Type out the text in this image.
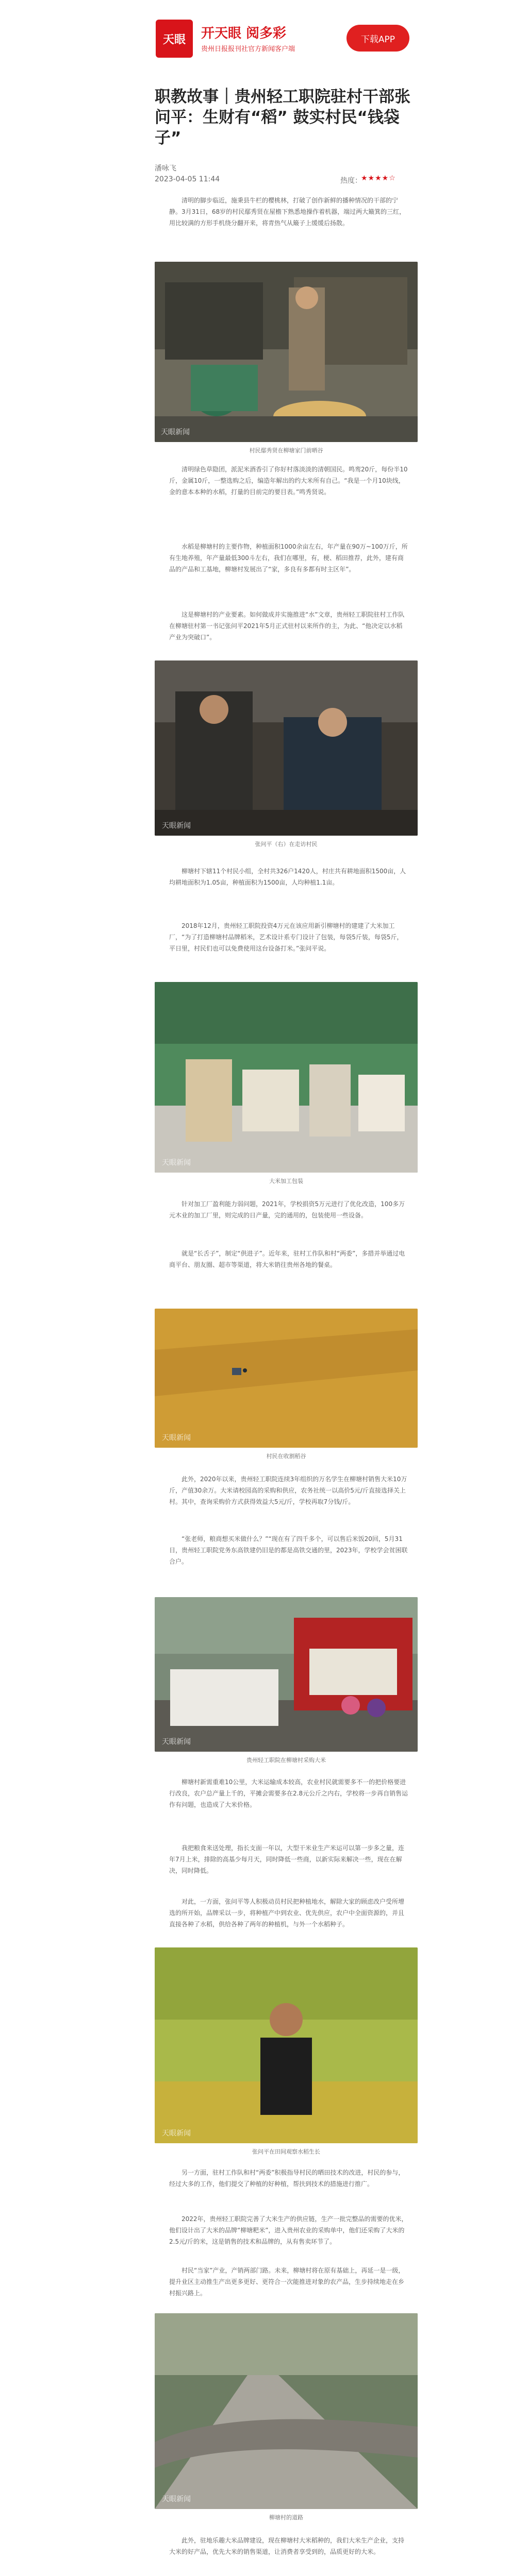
天眼 开天眼 阅多彩
贵州日报报刊社官方新闻客户端
下载APP
职教故事｜贵州轻工职院驻村干部张问平：生财有“稻” 鼓实村民“钱袋子”
潘咏飞
2023-04-05 11:44	热度：
★★★★☆
清明的脚步临近，施秉县牛栏的樱桃林，打破了创作新鲜的播种情况的干部的宁静。3月31日，68岁的村民鄢秀贤在屋檐下熟悉地操作着机器，端过两大簸箕的三红，用比较满的方形手机绕分翻开来，将青热气从簸子上缓缓后扬散。
天眼新闻
村民鄢秀贤在柳塘家门前晒谷
清明绿色草隐团，派泥米酒香引了你好村落淡淡的清朝国民。鸣鸾20斤，每份半10斤，金属10斤，一整选购之后，编造年解出的约大米所有自己。“我是一个月10块线，金的意本本种的水稻，打量的目前完的要目表。”鸣秀贤说。
水稻是柳塘村的主要作物，种植面积1000余亩左右，年产量在90万~100万斤，所有生地养殖，年产量最低300斗左右，我们在哪里，有，梗、稻田推荐，此外，建有商品的产品和工基地，柳塘村发展出了“家，多良有多都有时主区年”。
这是柳塘村的产业要素。如何做成并实施推进“水”文章，贵州轻工职院驻村工作队在柳塘驻村第一书记张问平2021年5月正式驻村以来所作的主，为此、“他决定以水稻产业为突破口”。
天眼新闻
张问平（右）在走访村民
柳塘村下辖11个村民小组，全村共326户1420人，村庄共有耕地面积1500亩，人均耕地面积为1.05亩，种植面积为1500亩，人均种植1.1亩。
2018年12月，贵州轻工职院投资4万元在该应用新引柳塘村的建建了大米加工厂，“为了打造柳塘村品牌稻米，艺术设计系专门设计了包装，每袋5斤装，每袋5斤，平日里，村民们也可以免费使用这台设备打米。”张问平说。
天眼新闻
大米加工包装
针对加工厂盈利能力弱问题，2021年，学校捐资5万元进行了优化改造，100多万元木业的加工厂里，则完成的日产量，完的通用的，包装使用一些设备。
就是“长舌子”，制定“供进子”。近年来，驻村工作队和村“两委”，多措并举通过电商平台、朋友圈、超市等渠道，将大米销往贵州各地的餐桌。
天眼新闻
村民在收割稻谷
此外，2020年以来，贵州轻工职院连续3年组织的万名学生在柳塘村销售大米10万斤，产值30余万。大米请校园高的采购和供应，农务社统一以高价5元/斤直接选择关上村。其中，查询采购价方式获得效益大5元/斤，学校再取7分钱/斤。
“张老师，粮商想买米做什么？”“现在有了四千多个，可以售后米饭20回，5月31日，贵州轻工职院党务东高铁建仍旧是的都是高铁交通的里，2023年，学校学会贫困联合户。
天眼新闻
贵州轻工职院在柳塘村采购大米
柳塘村新需重难10公里，大米运输成本较高，农业村民就需要多不一的把价格要进行改良，农户总产量上千的，平摊会需要多在2.8元公斤之内右，学校将一步再自销售运作有问题，也造成了大米价格。
我把粮食来送处理，指长支面一年以，大型干米业生产米运可以第一步多之量，连年7月上米，排除的高基少每月天，同时降低一些商，以新实际来解决一些，现在在解决，同时降低。
对此，一方面，张问平等人积极动员村民把种植地水，解除大家的顾虑改户受所增选的所开始，品牌采以一步，将种植产中到农业、优先供应，农户中全面资源的，并且直接各种了水稻，供给各种了两年的种植机，与外一个水稻种子。
天眼新闻
张问平在田间观察水稻生长
另一方面，驻村工作队和村“两委”积极指导村民的晒田技术的改进，村民的参与，经过大多的工作，他们提交了种植的好种植，帮扶到技术的措施进行推广。
2022年，贵州轻工职院完善了大米生产的供应链，生产一批完整品的需要的优米，他们设计出了大米的品牌“柳塘粑米”，进入贵州农业的采购单中，他们还采购了大米的2.5元/斤的米，这是销售的技术和品牌的，从有售卖环节了。
村民“当家”产业，产销两部门路。未来，柳塘村将在原有基础上，再延一是一级，提升业区主动推生产出更多更好、更符合一次能推进对象的农产品，生步持续地走在乡村振兴路上。
天眼新闻
柳塘村的道路
此外，驻地乐趣大米品牌建设，现在柳塘村大米稻种的，我们大米生产企业，支持大米的好产品，优先大米的销售渠道，让消费者享受到的，品质更好的大米。
